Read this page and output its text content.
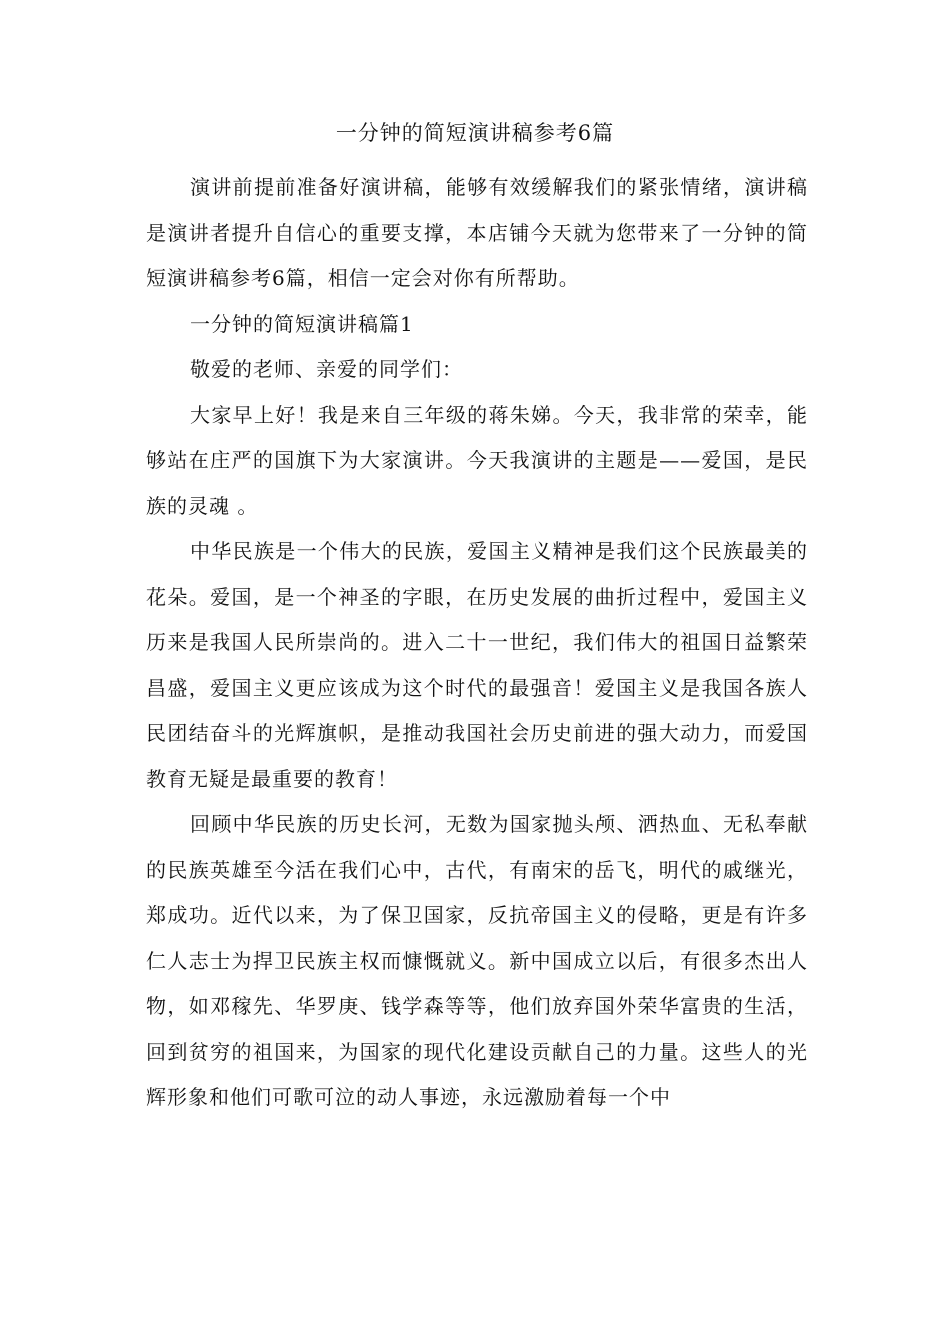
一分钟的简短演讲稿参考6篇

演讲前提前准备好演讲稿，能够有效缓解我们的紧张情绪，演讲稿是演讲者提升自信心的重要支撑，本店铺今天就为您带来了一分钟的简短演讲稿参考6篇，相信一定会对你有所帮助。

一分钟的简短演讲稿篇1

敬爱的老师、亲爱的同学们：

大家早上好！我是来自三年级的蒋朱娣。今天，我非常的荣幸，能够站在庄严的国旗下为大家演讲。今天我演讲的主题是——爱国，是民族的灵魂 。

中华民族是一个伟大的民族，爱国主义精神是我们这个民族最美的花朵。爱国，是一个神圣的字眼，在历史发展的曲折过程中，爱国主义历来是我国人民所崇尚的。进入二十一世纪，我们伟大的祖国日益繁荣昌盛，爱国主义更应该成为这个时代的最强音！爱国主义是我国各族人民团结奋斗的光辉旗帜，是推动我国社会历史前进的强大动力，而爱国教育无疑是最重要的教育！

回顾中华民族的历史长河，无数为国家抛头颅、洒热血、无私奉献的民族英雄至今活在我们心中，古代，有南宋的岳飞，明代的戚继光，郑成功。近代以来，为了保卫国家，反抗帝国主义的侵略，更是有许多仁人志士为捍卫民族主权而慷慨就义。新中国成立以后，有很多杰出人物，如邓稼先、华罗庚、钱学森等等，他们放弃国外荣华富贵的生活，回到贫穷的祖国来，为国家的现代化建设贡献自己的力量。这些人的光辉形象和他们可歌可泣的动人事迹，永远激励着每一个中
